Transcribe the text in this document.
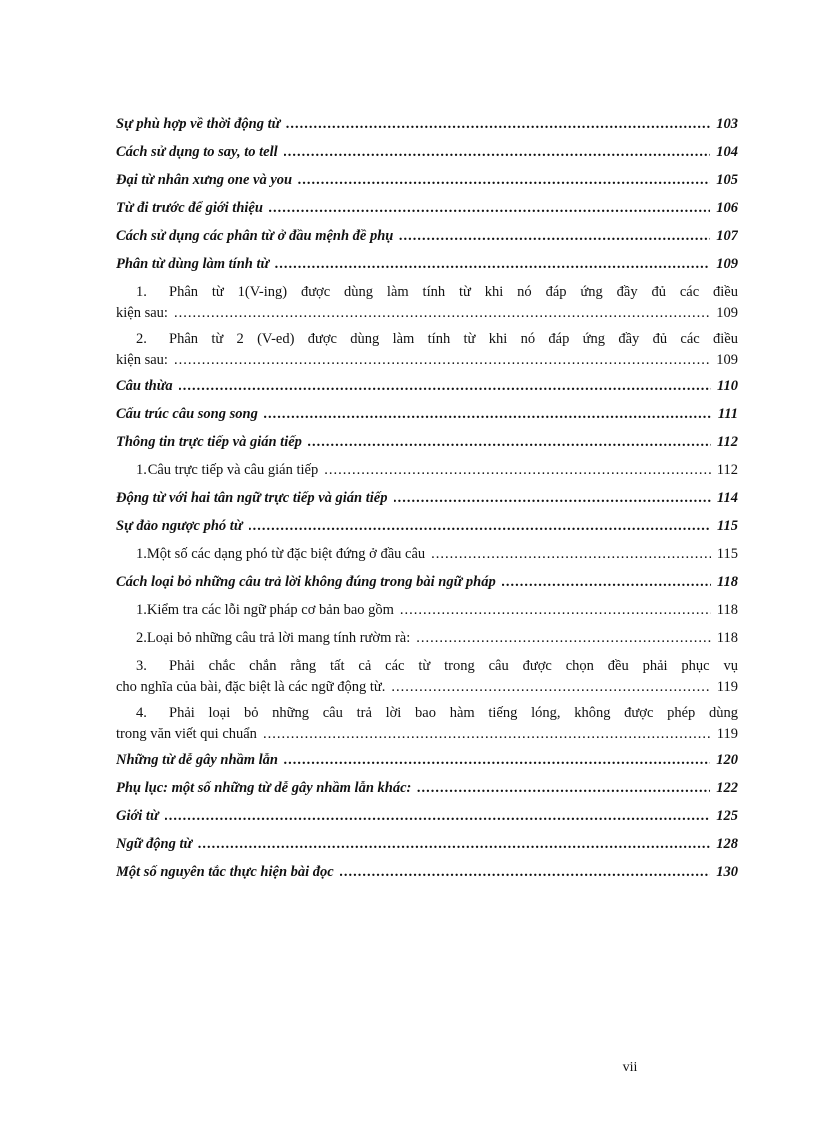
Sự phù hợp về thời động từ .....	103
Cách sử dụng to say, to tell .....	104
Đại từ nhân xưng one và you .....	105
Từ đi trước để giới thiệu .....	106
Cách sử dụng các phân từ ở đầu mệnh đề phụ .....	107
Phân từ dùng làm tính từ .....	109
1. Phân từ 1(V-ing) được dùng làm tính từ khi nó đáp ứng đầy đủ các điều
kiện sau: .....	109
2. Phân từ 2 (V-ed) được dùng làm tính từ khi nó đáp ứng đầy đủ các điều
kiện sau: .....	109
Câu thừa .....	110
Cấu trúc câu song song .....	111
Thông tin trực tiếp và gián tiếp .....	112
1. Câu trực tiếp và câu gián tiếp .....	112
Động từ với hai tân ngữ trực tiếp và gián tiếp .....	114
Sự đảo ngược phó từ .....	115
1. Một số các dạng phó từ đặc biệt đứng ở đầu câu .....	115
Cách loại bỏ những câu trả lời không đúng trong bài ngữ pháp .....	118
1. Kiểm tra các lỗi ngữ pháp cơ bản bao gồm .....	118
2. Loại bỏ những câu trả lời mang tính rườm rà: .....	118
3. Phải chắc chắn rằng tất cả các từ trong câu được chọn đều phải phục vụ
cho nghĩa của bài, đặc biệt là các ngữ động từ. .....	119
4. Phải loại bỏ những câu trả lời bao hàm tiếng lóng, không được phép dùng
trong văn viết qui chuẩn .....	119
Những từ dễ gây nhầm lẫn .....	120
Phụ lục: một số những từ dễ gây nhầm lẫn khác: .....	122
Giới từ .....	125
Ngữ động từ .....	128
Một số nguyên tắc thực hiện bài đọc .....	130
vii
